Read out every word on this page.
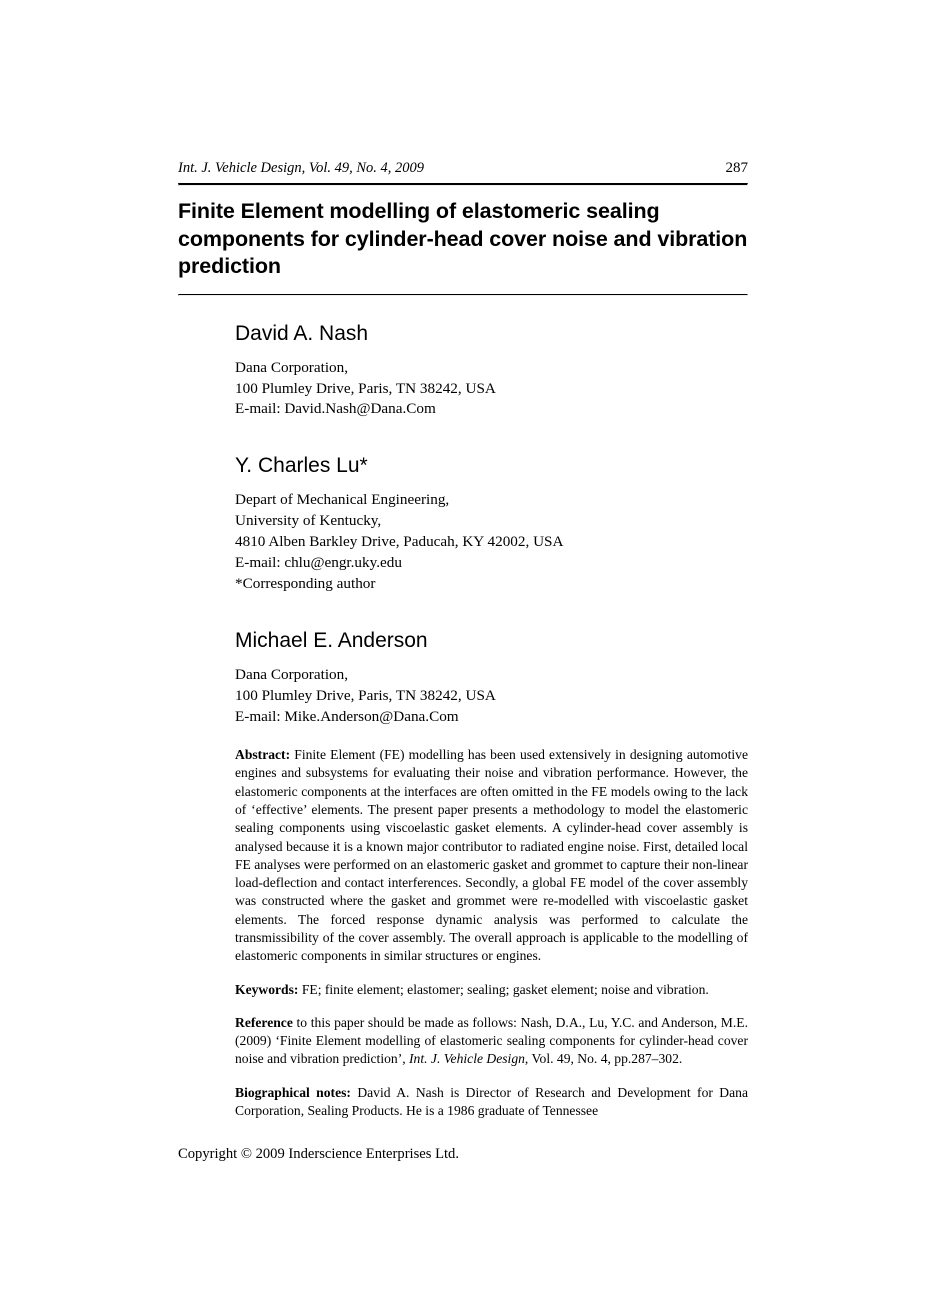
Int. J. Vehicle Design, Vol. 49, No. 4, 2009	287
Finite Element modelling of elastomeric sealing components for cylinder-head cover noise and vibration prediction
David A. Nash

Dana Corporation,
100 Plumley Drive, Paris, TN 38242, USA
E-mail: David.Nash@Dana.Com

Y. Charles Lu*

Depart of Mechanical Engineering,
University of Kentucky,
4810 Alben Barkley Drive, Paducah, KY 42002, USA
E-mail: chlu@engr.uky.edu
*Corresponding author

Michael E. Anderson

Dana Corporation,
100 Plumley Drive, Paris, TN 38242, USA
E-mail: Mike.Anderson@Dana.Com

Abstract: Finite Element (FE) modelling has been used extensively in designing automotive engines and subsystems for evaluating their noise and vibration performance. However, the elastomeric components at the interfaces are often omitted in the FE models owing to the lack of ‘effective’ elements. The present paper presents a methodology to model the elastomeric sealing components using viscoelastic gasket elements. A cylinder-head cover assembly is analysed because it is a known major contributor to radiated engine noise. First, detailed local FE analyses were performed on an elastomeric gasket and grommet to capture their non-linear load-deflection and contact interferences. Secondly, a global FE model of the cover assembly was constructed where the gasket and grommet were re-modelled with viscoelastic gasket elements. The forced response dynamic analysis was performed to calculate the transmissibility of the cover assembly. The overall approach is applicable to the modelling of elastomeric components in similar structures or engines.

Keywords: FE; finite element; elastomer; sealing; gasket element; noise and vibration.

Reference to this paper should be made as follows: Nash, D.A., Lu, Y.C. and Anderson, M.E. (2009) ‘Finite Element modelling of elastomeric sealing components for cylinder-head cover noise and vibration prediction’, Int. J. Vehicle Design, Vol. 49, No. 4, pp.287–302.

Biographical notes: David A. Nash is Director of Research and Development for Dana Corporation, Sealing Products. He is a 1986 graduate of Tennessee

Copyright © 2009 Inderscience Enterprises Ltd.
